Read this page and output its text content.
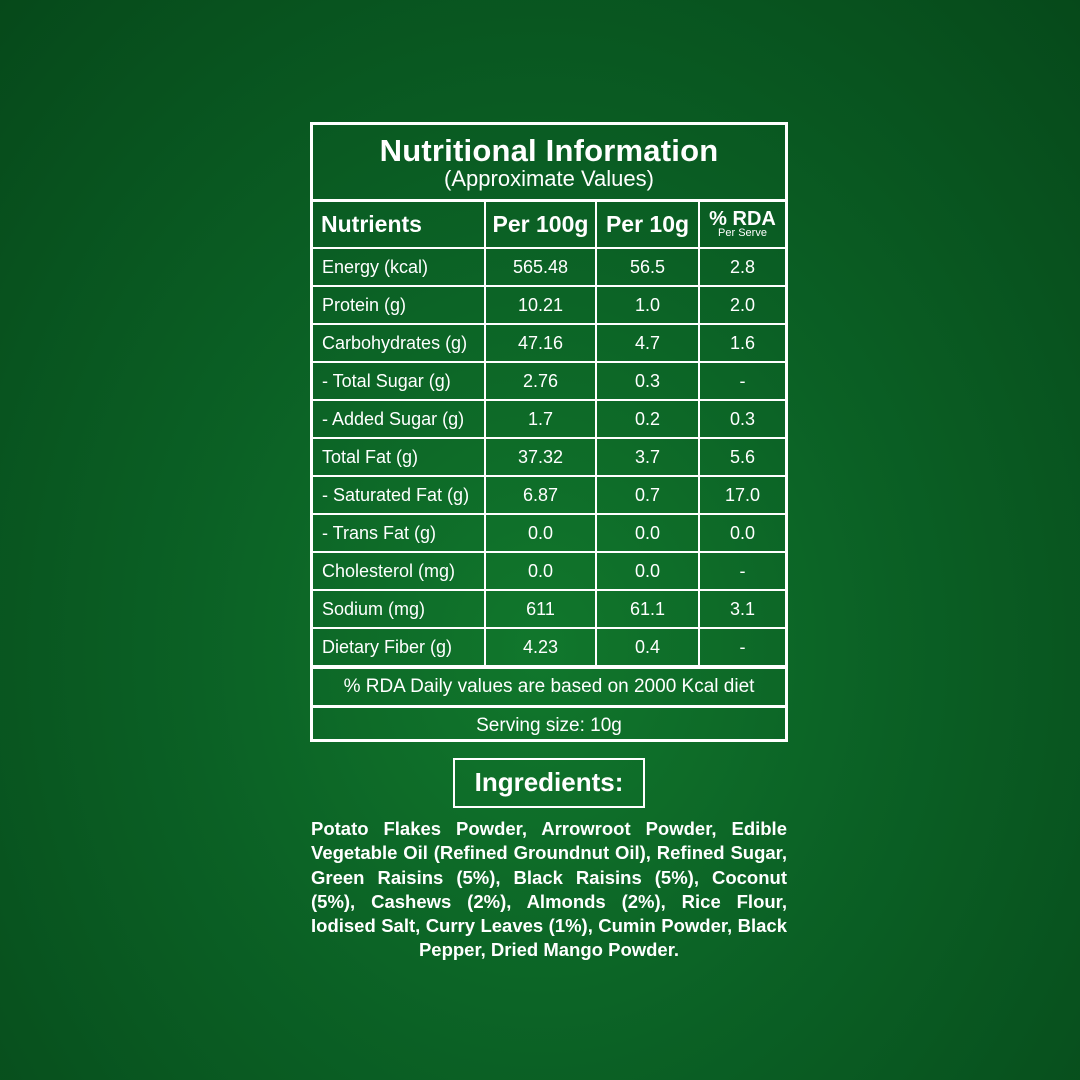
Nutritional Information
(Approximate Values)
Nutrients	Per 100g	Per 10g	% RDA
Per Serve

Energy (kcal)	565.48	56.5	2.8
Protein (g)	10.21	1.0	2.0
Carbohydrates (g)	47.16	4.7	1.6
- Total Sugar (g)	2.76	0.3	-
- Added Sugar (g)	1.7	0.2	0.3
Total Fat (g)	37.32	3.7	5.6
- Saturated Fat (g)	6.87	0.7	17.0
- Trans Fat (g)	0.0	0.0	0.0
Cholesterol (mg)	0.0	0.0	-
Sodium (mg)	611	61.1	3.1
Dietary Fiber (g)	4.23	0.4	-
% RDA Daily values are based on 2000 Kcal diet
Serving size: 10g
Ingredients:
Potato Flakes Powder, Arrowroot Powder, Edible Vegetable Oil (Refined Groundnut Oil), Refined Sugar, Green Raisins (5%), Black Raisins (5%), Coconut (5%), Cashews (2%), Almonds (2%), Rice Flour, Iodised Salt, Curry Leaves (1%), Cumin Powder, Black Pepper, Dried Mango Powder.
